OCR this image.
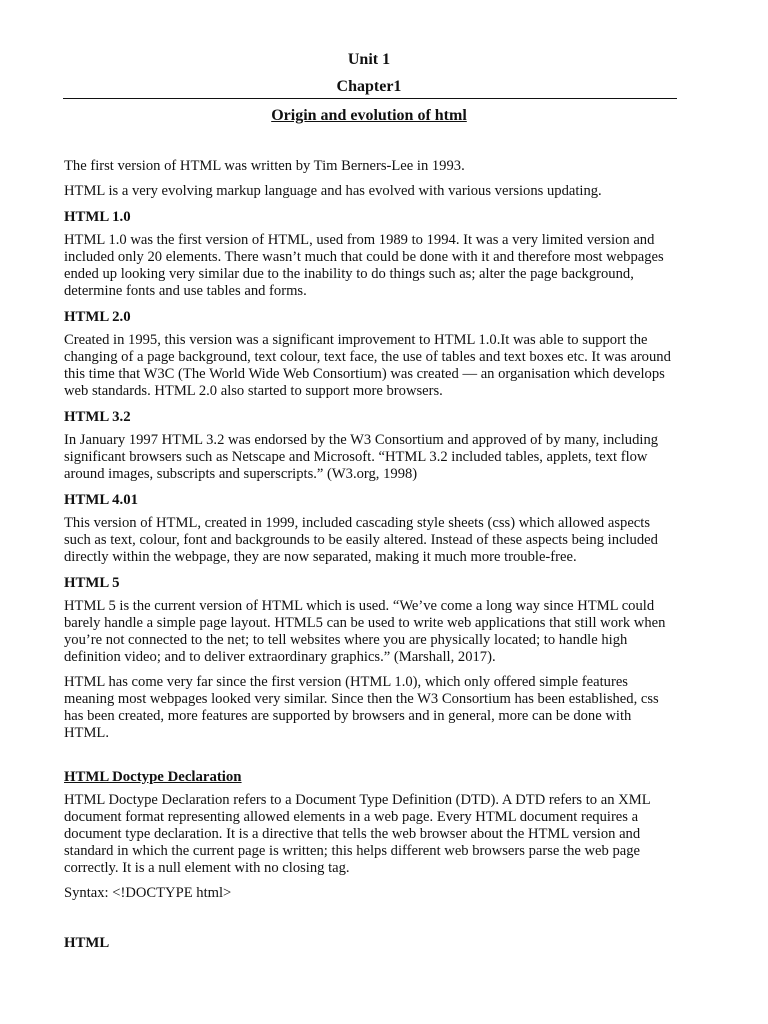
Unit 1
Chapter1
Origin and evolution of html

The first version of HTML was written by Tim Berners-Lee in 1993.

HTML is a very evolving markup language and has evolved with various versions updating.

HTML 1.0

HTML 1.0 was the first version of HTML, used from 1989 to 1994. It was a very limited version and included only 20 elements. There wasn’t much that could be done with it and therefore most webpages ended up looking very similar due to the inability to do things such as; alter the page background, determine fonts and use tables and forms.

HTML 2.0

Created in 1995, this version was a significant improvement to HTML 1.0.It was able to support the changing of a page background, text colour, text face, the use of tables and text boxes etc. It was around this time that W3C (The World Wide Web Consortium) was created — an organisation which develops web standards. HTML 2.0 also started to support more browsers.

HTML 3.2

In January 1997 HTML 3.2 was endorsed by the W3 Consortium and approved of by many, including significant browsers such as Netscape and Microsoft. “HTML 3.2 included tables, applets, text flow around images, subscripts and superscripts.” (W3.org, 1998)

HTML 4.01

This version of HTML, created in 1999, included cascading style sheets (css) which allowed aspects such as text, colour, font and backgrounds to be easily altered. Instead of these aspects being included directly within the webpage, they are now separated, making it much more trouble-free.

HTML 5

HTML 5 is the current version of HTML which is used. “We’ve come a long way since HTML could barely handle a simple page layout. HTML5 can be used to write web applications that still work when you’re not connected to the net; to tell websites where you are physically located; to handle high definition video; and to deliver extraordinary graphics.” (Marshall, 2017).

HTML has come very far since the first version (HTML 1.0), which only offered simple features meaning most webpages looked very similar. Since then the W3 Consortium has been established, css has been created, more features are supported by browsers and in general, more can be done with HTML.

HTML Doctype Declaration

HTML Doctype Declaration refers to a Document Type Definition (DTD). A DTD refers to an XML document format representing allowed elements in a web page. Every HTML document requires a document type declaration. It is a directive that tells the web browser about the HTML version and standard in which the current page is written; this helps different web browsers parse the web page correctly. It is a null element with no closing tag.

Syntax: <!DOCTYPE html>

HTML
